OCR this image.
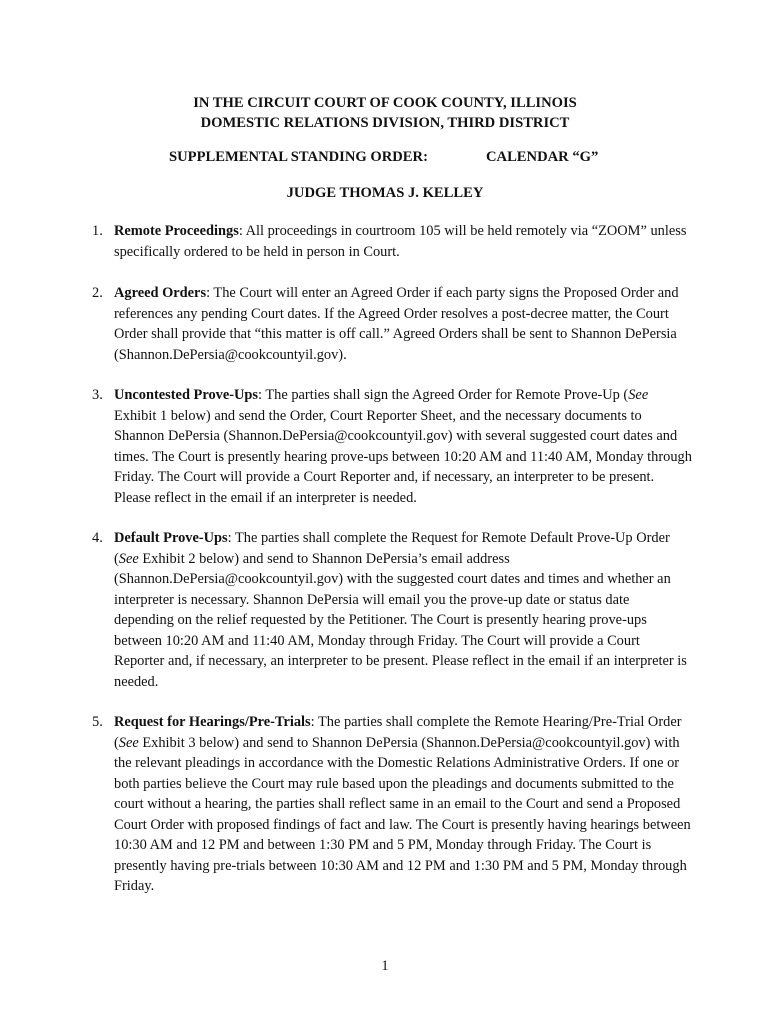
IN THE CIRCUIT COURT OF COOK COUNTY, ILLINOIS
DOMESTIC RELATIONS DIVISION, THIRD DISTRICT
SUPPLEMENTAL STANDING ORDER:	CALENDAR “G”
JUDGE THOMAS J. KELLEY
1. Remote Proceedings: All proceedings in courtroom 105 will be held remotely via “ZOOM” unless specifically ordered to be held in person in Court.
2. Agreed Orders: The Court will enter an Agreed Order if each party signs the Proposed Order and references any pending Court dates. If the Agreed Order resolves a post-decree matter, the Court Order shall provide that “this matter is off call.” Agreed Orders shall be sent to Shannon DePersia (Shannon.DePersia@cookcountyil.gov).
3. Uncontested Prove-Ups: The parties shall sign the Agreed Order for Remote Prove-Up (See Exhibit 1 below) and send the Order, Court Reporter Sheet, and the necessary documents to Shannon DePersia (Shannon.DePersia@cookcountyil.gov) with several suggested court dates and times. The Court is presently hearing prove-ups between 10:20 AM and 11:40 AM, Monday through Friday. The Court will provide a Court Reporter and, if necessary, an interpreter to be present. Please reflect in the email if an interpreter is needed.
4. Default Prove-Ups: The parties shall complete the Request for Remote Default Prove-Up Order (See Exhibit 2 below) and send to Shannon DePersia’s email address (Shannon.DePersia@cookcountyil.gov) with the suggested court dates and times and whether an interpreter is necessary. Shannon DePersia will email you the prove-up date or status date depending on the relief requested by the Petitioner. The Court is presently hearing prove-ups between 10:20 AM and 11:40 AM, Monday through Friday. The Court will provide a Court Reporter and, if necessary, an interpreter to be present. Please reflect in the email if an interpreter is needed.
5. Request for Hearings/Pre-Trials: The parties shall complete the Remote Hearing/Pre-Trial Order (See Exhibit 3 below) and send to Shannon DePersia (Shannon.DePersia@cookcountyil.gov) with the relevant pleadings in accordance with the Domestic Relations Administrative Orders. If one or both parties believe the Court may rule based upon the pleadings and documents submitted to the court without a hearing, the parties shall reflect same in an email to the Court and send a Proposed Court Order with proposed findings of fact and law. The Court is presently having hearings between 10:30 AM and 12 PM and between 1:30 PM and 5 PM, Monday through Friday. The Court is presently having pre-trials between 10:30 AM and 12 PM and 1:30 PM and 5 PM, Monday through Friday.
1
